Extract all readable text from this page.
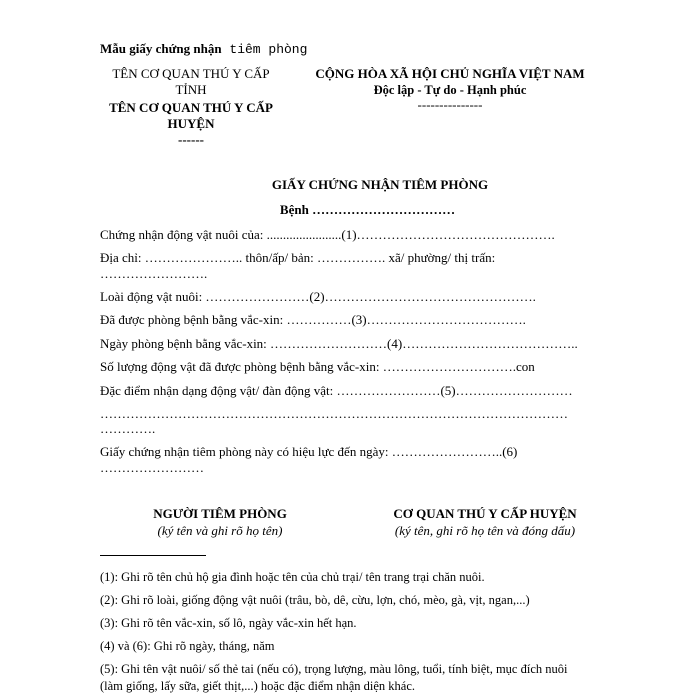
Mẫu giấy chứng nhận tiêm phòng
TÊN CƠ QUAN THÚ Y CẤP TỈNH
TÊN CƠ QUAN THÚ Y CẤP HUYỆN
------
CỘNG HÒA XÃ HỘI CHỦ NGHĨA VIỆT NAM
Độc lập - Tự do - Hạnh phúc
---------------
GIẤY CHỨNG NHẬN TIÊM PHÒNG
Bệnh ……………………………
Chứng nhận động vật nuôi của: .......................(1)……………………………………….
Địa chỉ: ………………….. thôn/ấp/ bản: ……………. xã/ phường/ thị trấn:
…………………….
Loài động vật nuôi: ……………………(2)………………………………………….
Đã được phòng bệnh bằng vắc-xin: ……………(3)……………………………….
Ngày phòng bệnh bằng vắc-xin: ………………………(4)…………………………………..
Số lượng động vật đã được phòng bệnh bằng vắc-xin: ………………………….con
Đặc điểm nhận dạng động vật/ đàn động vật: ……………………(5)………………………
………………………………………………………………………………………………
………….
Giấy chứng nhận tiêm phòng này có hiệu lực đến ngày: ……………………..(6)
……………………
NGƯỜI TIÊM PHÒNG
(ký tên và ghi rõ họ tên)
CƠ QUAN THÚ Y CẤP HUYỆN
(ký tên, ghi rõ họ tên và đóng dấu)
(1): Ghi rõ tên chủ hộ gia đình hoặc tên của chủ trại/ tên trang trại chăn nuôi.
(2): Ghi rõ loài, giống động vật nuôi (trâu, bò, dê, cừu, lợn, chó, mèo, gà, vịt, ngan,...)
(3): Ghi rõ tên vắc-xin, số lô, ngày vắc-xin hết hạn.
(4) và (6): Ghi rõ ngày, tháng, năm
(5): Ghi tên vật nuôi/ số thẻ tai (nếu có), trọng lượng, màu lông, tuổi, tính biệt, mục đích nuôi
(làm giống, lấy sữa, giết thịt,...) hoặc đặc điểm nhận diện khác.
